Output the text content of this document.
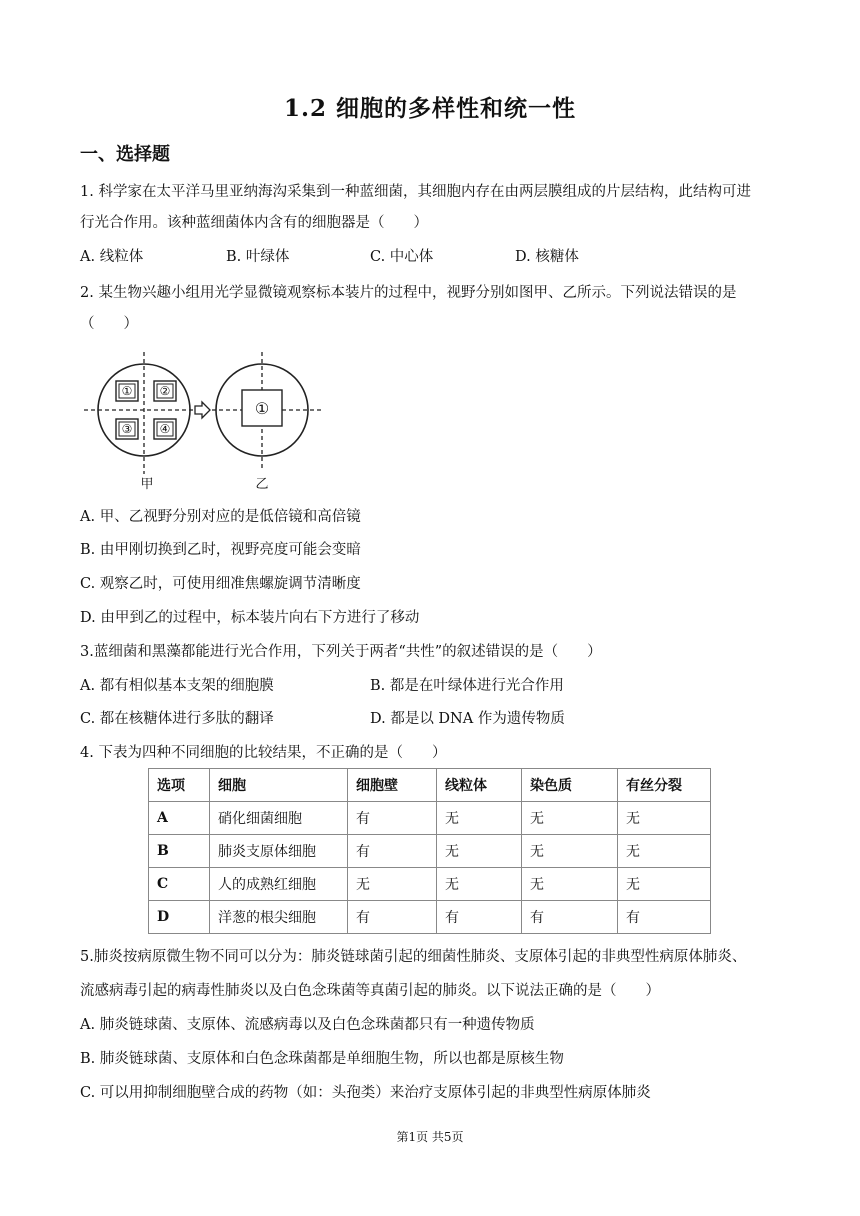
1.2 细胞的多样性和统一性
一、选择题
1. 科学家在太平洋马里亚纳海沟采集到一种蓝细菌，其细胞内存在由两层膜组成的片层结构，此结构可进
行光合作用。该种蓝细菌体内含有的细胞器是（　　）
A. 线粒体	B. 叶绿体	C. 中心体	D. 核糖体
2. 某生物兴趣小组用光学显微镜观察标本装片的过程中，视野分别如图甲、乙所示。下列说法错误的是
（　　）
① ②
③ ④
①
甲	乙
A. 甲、乙视野分别对应的是低倍镜和高倍镜
B. 由甲刚切换到乙时，视野亮度可能会变暗
C. 观察乙时，可使用细准焦螺旋调节清晰度
D. 由甲到乙的过程中，标本装片向右下方进行了移动
3.蓝细菌和黑藻都能进行光合作用，下列关于两者“共性”的叙述错误的是（　　）
A. 都有相似基本支架的细胞膜	B. 都是在叶绿体进行光合作用
C. 都在核糖体进行多肽的翻译	D. 都是以 DNA 作为遗传物质
4. 下表为四种不同细胞的比较结果，不正确的是（　　）
选项	细胞	细胞壁	线粒体	染色质	有丝分裂
A	硝化细菌细胞	有	无	无	无
B	肺炎支原体细胞	有	无	无	无
C	人的成熟红细胞	无	无	无	无
D	洋葱的根尖细胞	有	有	有	有
5.肺炎按病原微生物不同可以分为：肺炎链球菌引起的细菌性肺炎、支原体引起的非典型性病原体肺炎、
流感病毒引起的病毒性肺炎以及白色念珠菌等真菌引起的肺炎。以下说法正确的是（　　）
A. 肺炎链球菌、支原体、流感病毒以及白色念珠菌都只有一种遗传物质
B. 肺炎链球菌、支原体和白色念珠菌都是单细胞生物，所以也都是原核生物
C. 可以用抑制细胞壁合成的药物（如：头孢类）来治疗支原体引起的非典型性病原体肺炎
第1页 共5页
